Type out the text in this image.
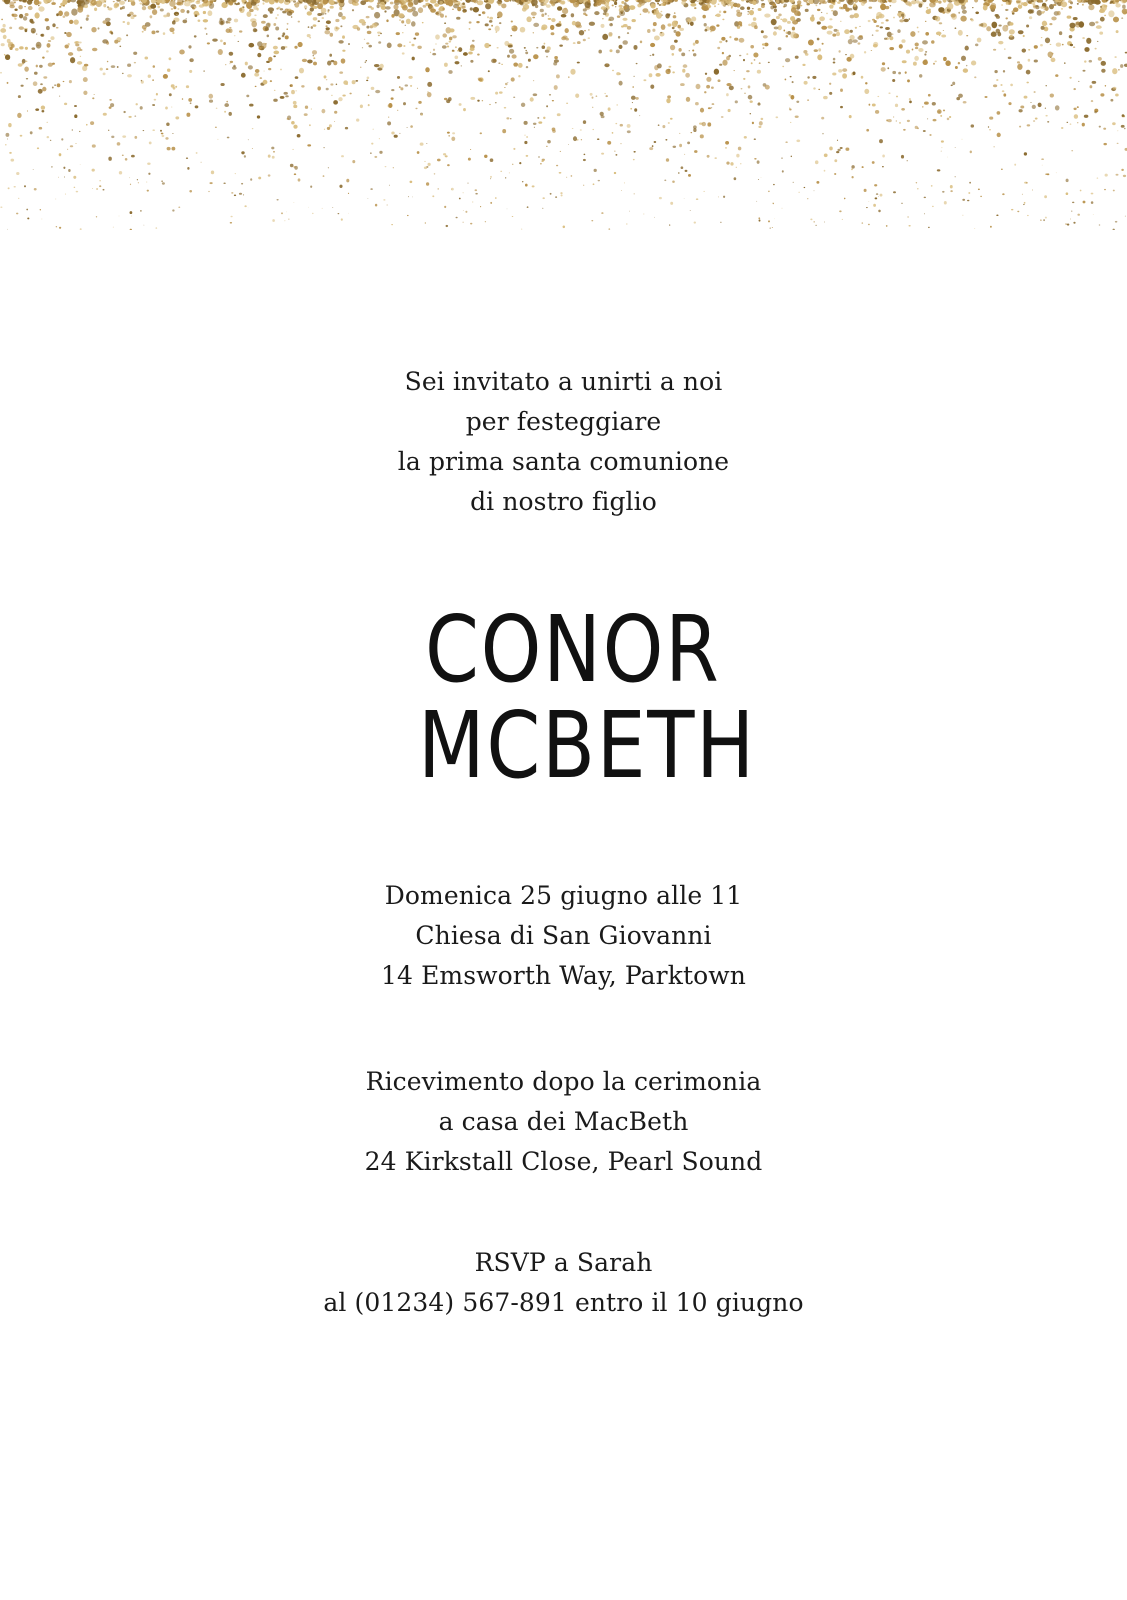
Sei invitato a unirti a noi

per festeggiare

la prima santa comunione

di nostro figlio

CONOR
MCBETH

Domenica 25 giugno alle 11

Chiesa di San Giovanni

14 Emsworth Way, Parktown

Ricevimento dopo la cerimonia

a casa dei MacBeth

24 Kirkstall Close, Pearl Sound

RSVP a Sarah

al (01234) 567-891 entro il 10 giugno
